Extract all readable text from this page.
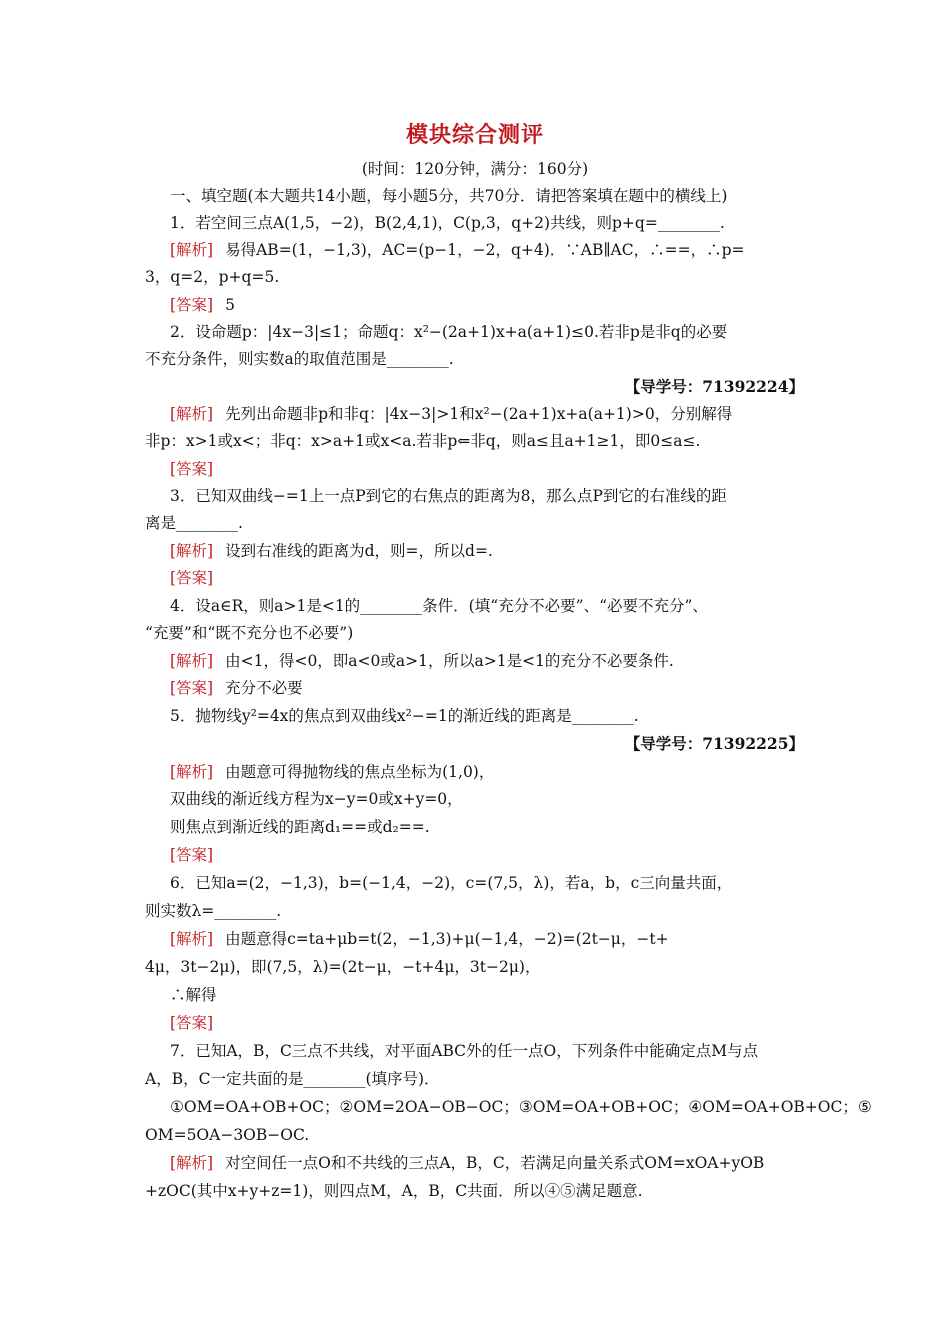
模块综合测评
(时间：120分钟，满分：160分)
一、填空题(本大题共14小题，每小题5分，共70分．请把答案填在题中的横线上)
1．若空间三点A(1,5，−2)，B(2,4,1)，C(p,3，q+2)共线，则p+q=________.
[解析] 易得AB=(1，−1,3)，AC=(p−1，−2，q+4)．∵AB∥AC，∴==，∴p=
3，q=2，p+q=5.
[答案] 5
2．设命题p：|4x−3|≤1；命题q：x²−(2a+1)x+a(a+1)≤0.若非p是非q的必要
不充分条件，则实数a的取值范围是________.
【导学号：71392224】
[解析] 先列出命题非p和非q：|4x−3|>1和x²−(2a+1)x+a(a+1)>0，分别解得
非p：x>1或x<；非q：x>a+1或x<a.若非p⇐非q，则a≤且a+1≥1，即0≤a≤.
[答案]
3．已知双曲线−=1上一点P到它的右焦点的距离为8，那么点P到它的右准线的距
离是________.
[解析] 设到右准线的距离为d，则=，所以d=.
[答案]
4．设a∈R，则a>1是<1的________条件．(填“充分不必要”、“必要不充分”、
“充要”和“既不充分也不必要”)
[解析] 由<1，得<0，即a<0或a>1，所以a>1是<1的充分不必要条件.
[答案] 充分不必要
5．抛物线y²=4x的焦点到双曲线x²−=1的渐近线的距离是________.
【导学号：71392225】
[解析] 由题意可得抛物线的焦点坐标为(1,0)，
双曲线的渐近线方程为x−y=0或x+y=0，
则焦点到渐近线的距离d₁==或d₂==.
[答案]
6．已知a=(2，−1,3)，b=(−1,4，−2)，c=(7,5，λ)，若a，b，c三向量共面，
则实数λ=________.
[解析] 由题意得c=ta+μb=t(2，−1,3)+μ(−1,4，−2)=(2t−μ，−t+
4μ，3t−2μ)，即(7,5，λ)=(2t−μ，−t+4μ，3t−2μ)，
∴解得
[答案]
7．已知A，B，C三点不共线，对平面ABC外的任一点O，下列条件中能确定点M与点
A，B，C一定共面的是________(填序号)．
①OM=OA+OB+OC；②OM=2OA−OB−OC；③OM=OA+OB+OC；④OM=OA+OB+OC；⑤
OM=5OA−3OB−OC.
[解析] 对空间任一点O和不共线的三点A，B，C，若满足向量关系式OM=xOA+yOB
+zOC(其中x+y+z=1)，则四点M，A，B，C共面．所以④⑤满足题意.
